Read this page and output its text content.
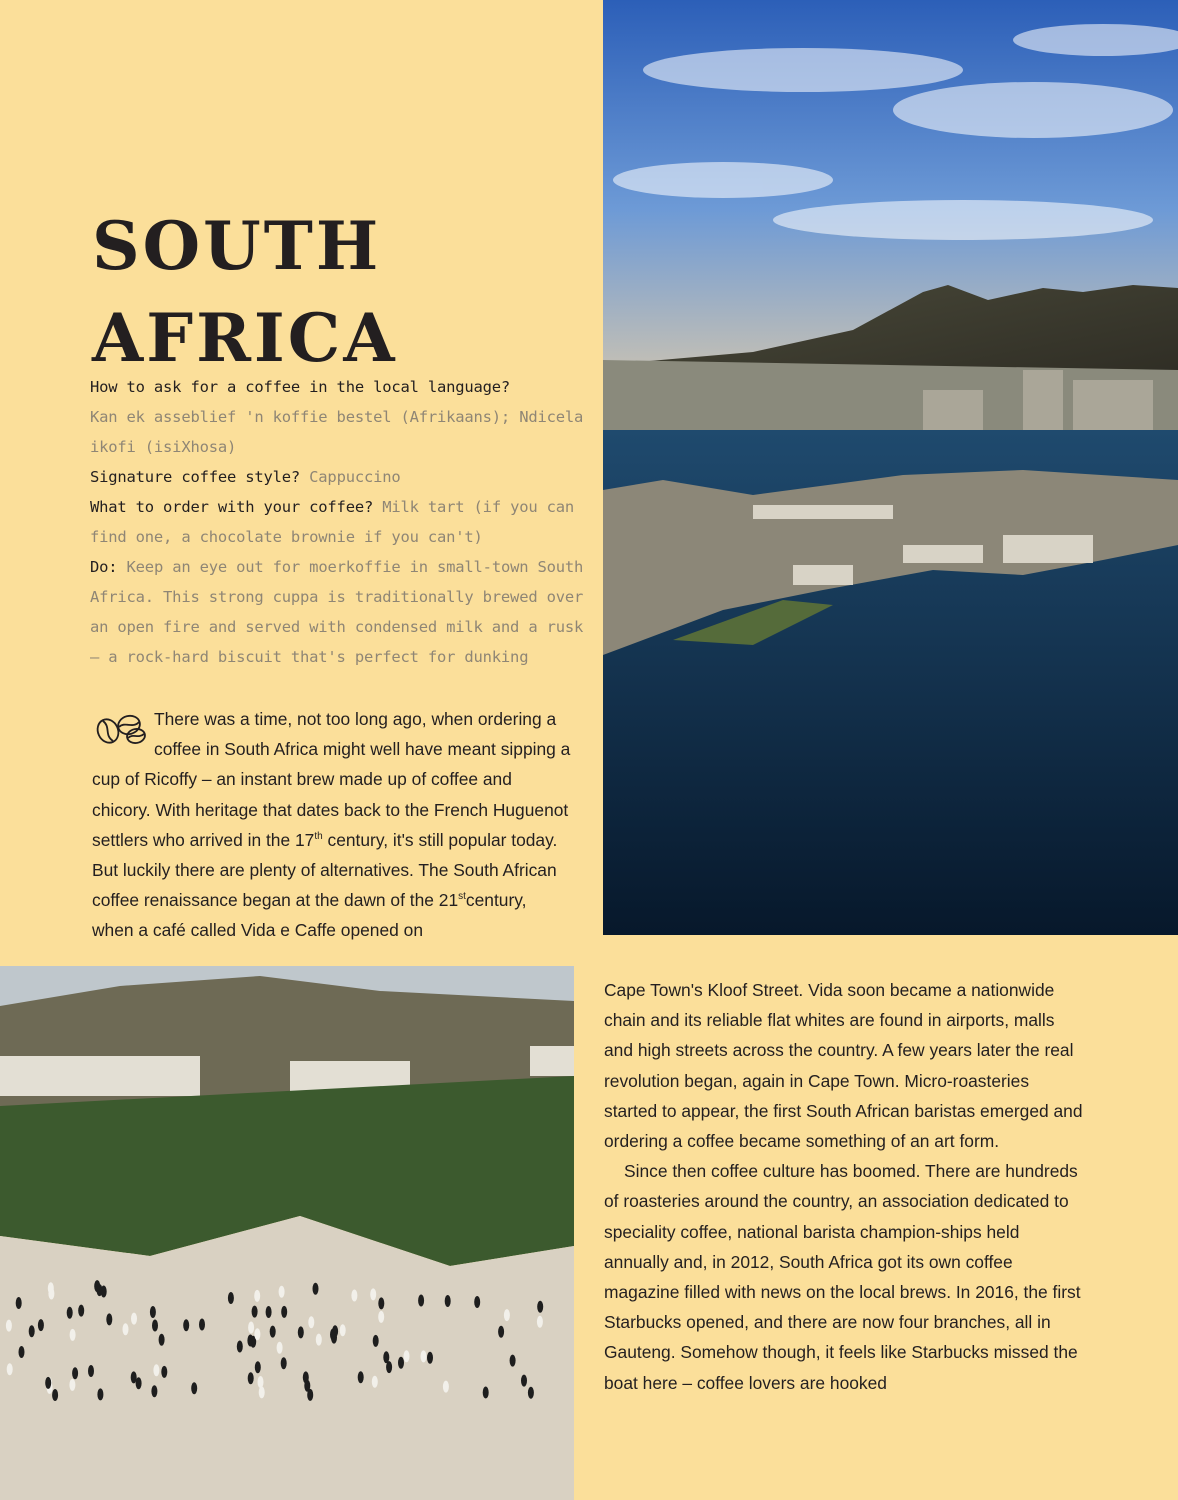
SOUTH
AFRICA

How to ask for a coffee in the local language?
Kan ek asseblief 'n koffie bestel (Afrikaans); Ndicela ikofi (isiXhosa)

Signature coffee style? Cappuccino

What to order with your coffee? Milk tart (if you can find one, a chocolate brownie if you can't)

Do: Keep an eye out for moerkoffie in small-town South Africa. This strong cuppa is traditionally brewed over an open fire and served with condensed milk and a rusk – a rock-hard biscuit that's perfect for dunking

There was a time, not too long ago, when ordering a coffee in South Africa might well have meant sipping a cup of Ricoffy – an instant brew made up of coffee and chicory. With heritage that dates back to the French Huguenot settlers who arrived in the 17th century, it's still popular today. But luckily there are plenty of alternatives. The South African coffee renaissance began at the dawn of the 21stcentury, when a café called Vida e Caffe opened on

Cape Town's Kloof Street. Vida soon became a nationwide chain and its reliable flat whites are found in airports, malls and high streets across the country. A few years later the real revolution began, again in Cape Town. Micro-roasteries started to appear, the first South African baristas emerged and ordering a coffee became something of an art form.

Since then coffee culture has boomed. There are hundreds of roasteries around the country, an association dedicated to speciality coffee, national barista champion-ships held annually and, in 2012, South Africa got its own coffee magazine filled with news on the local brews. In 2016, the first Starbucks opened, and there are now four branches, all in Gauteng. Somehow though, it feels like Starbucks missed the boat here – coffee lovers are hooked
